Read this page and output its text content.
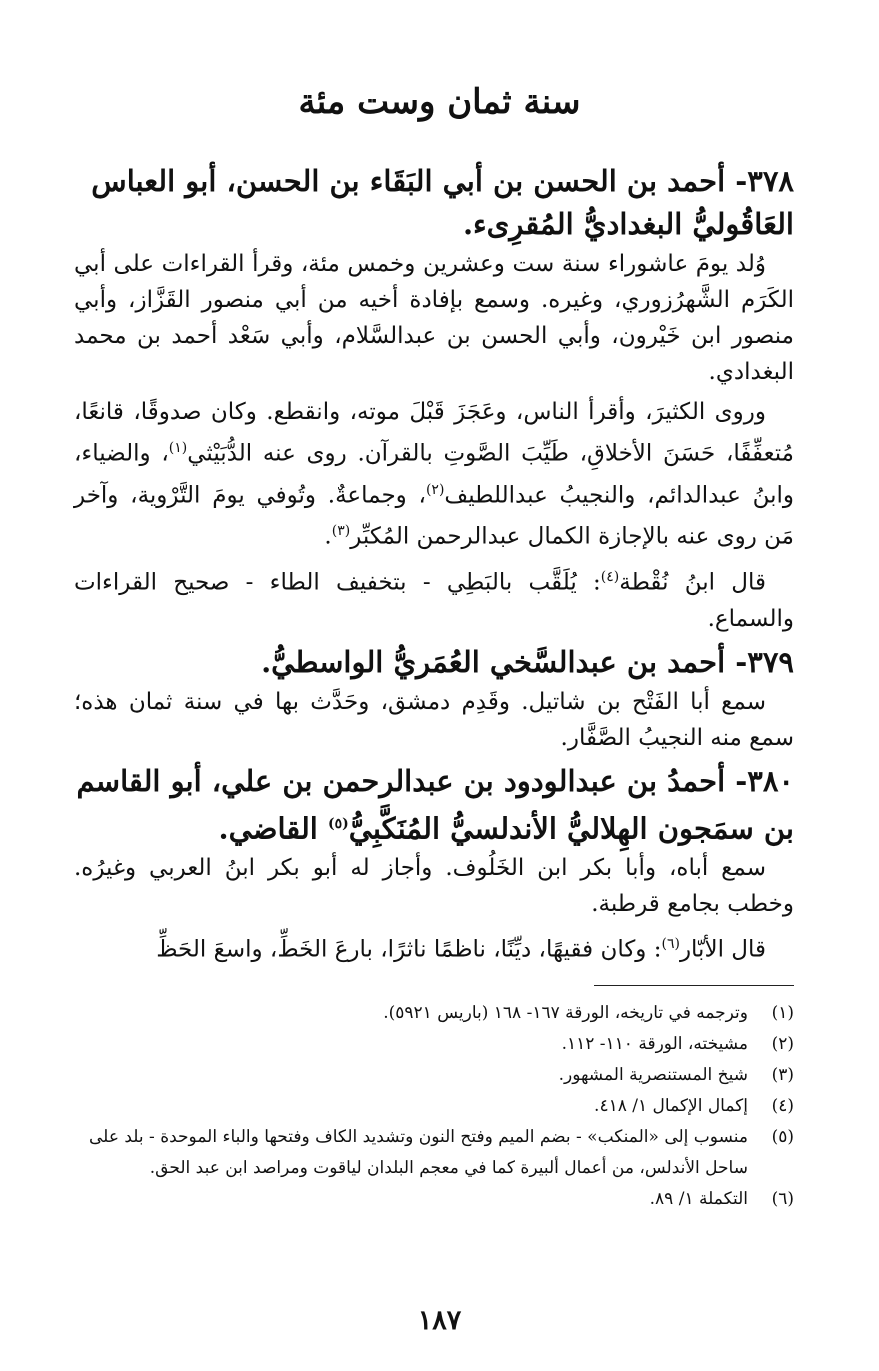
سنة ثمان وست مئة

٣٧٨- أحمد بن الحسن بن أبي البَقَاء بن الحسن، أبو العباس العَاقُوليُّ البغداديُّ المُقرِىء.

وُلد يومَ عاشوراء سنة ست وعشرين وخمس مئة، وقرأ القراءات على أبي الكَرَم الشَّهرُزوري، وغيره. وسمع بإفادة أخيه من أبي منصور القَزَّاز، وأبي منصور ابن خَيْرون، وأبي الحسن بن عبدالسَّلام، وأبي سَعْد أحمد بن محمد البغدادي.

وروى الكثيرَ، وأقرأ الناس، وعَجَزَ قَبْلَ موته، وانقطع. وكان صدوقًا، قانعًا، مُتعفِّفًا، حَسَنَ الأخلاقِ، طَيِّبَ الصَّوتِ بالقرآن. روى عنه الدُّبَيْثي$^{(١)}$، والضياء، وابنُ عبدالدائم، والنجيبُ عبداللطيف$^{(٢)}$، وجماعةٌ. وتُوفي يومَ التَّرْوية، وآخر مَن روى عنه بالإجازة الكمال عبدالرحمن المُكبِّر$^{(٣)}$.

قال ابنُ نُقْطة$^{(٤)}$: يُلَقَّب بالبَطِي - بتخفيف الطاء - صحيح القراءات والسماع.

٣٧٩- أحمد بن عبدالسَّخي العُمَريُّ الواسطيُّ.

سمع أبا الفَتْح بن شاتيل. وقَدِم دمشق، وحَدَّث بها في سنة ثمان هذه؛ سمع منه النجيبُ الصَّفَّار.

٣٨٠- أحمدُ بن عبدالودود بن عبدالرحمن بن علي، أبو القاسم بن سمَجون الهِلاليُّ الأندلسيُّ المُنَكَّبِيُّ$^{(٥)}$ القاضي.

سمع أباه، وأبا بكر ابن الخَلُوف. وأجاز له أبو بكر ابنُ العربي وغيرُه. وخطب بجامع قرطبة.

قال الأبّار$^{(٦)}$: وكان فقيهًا، ديِّنًا، ناظمًا ناثرًا، بارعَ الخَطِّ، واسعَ الحَظِّ

(١)
وترجمه في تاريخه، الورقة ١٦٧- ١٦٨ (باريس ٥٩٢١).
(٢)
مشيخته، الورقة ١١٠- ١١٢.
(٣)
شيخ المستنصرية المشهور.
(٤)
إكمال الإكمال ١/ ٤١٨.
(٥)
منسوب إلى «المنكب» - بضم الميم وفتح النون وتشديد الكاف وفتحها والباء الموحدة - بلد على ساحل الأندلس، من أعمال ألبيرة كما في معجم البلدان لياقوت ومراصد ابن عبد الحق.
(٦)
التكملة ١/ ٨٩.
١٨٧
